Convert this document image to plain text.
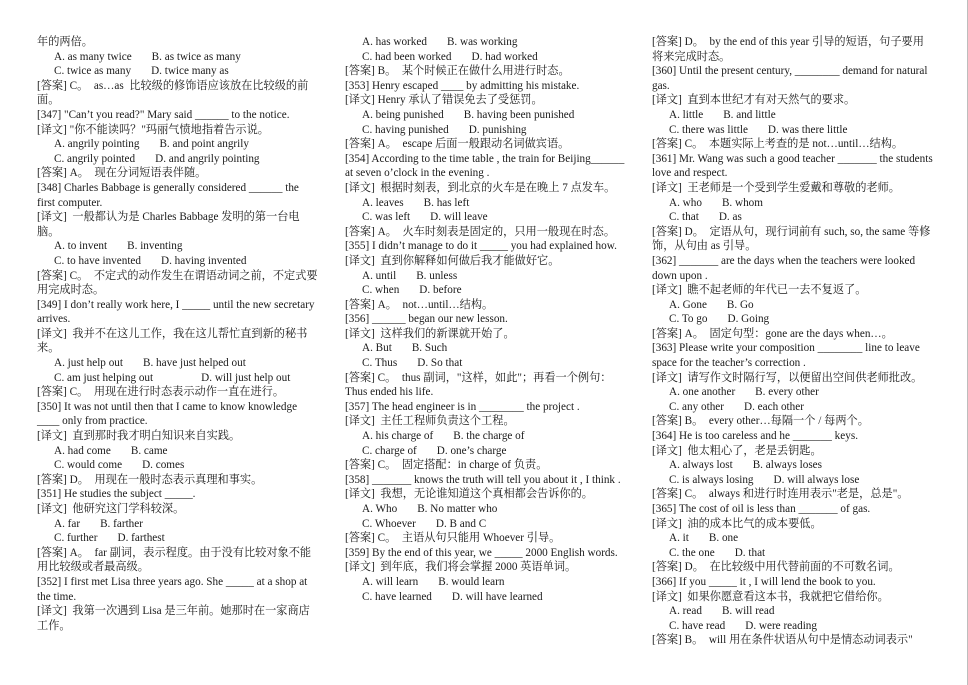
年的两倍。
A. as many twice B. as twice as many
C. twice as many D. twice many as
[答案] C。  as…as  比较级的修饰语应该放在比较级的前面。
[347] "Can’t you read?" Mary said ______ to the notice.
[译文] "你不能读吗？"玛丽气愤地指着告示说。
A. angrily pointing B. and point angrily
C. angrily pointed D. and angrily pointing
[答案] A。  现在分词短语表伴随。
[348] Charles Babbage is generally considered ______ the first computer.
[译文]  一般都认为是 Charles Babbage 发明的第一台电脑。
A. to invent B. inventing
C. to have invented D. having invented
[答案] C。  不定式的动作发生在谓语动词之前，不定式要用完成时态。
[349] I don’t really work here, I _____ until the new secretary arrives.
[译文]  我并不在这儿工作，我在这儿帮忙直到新的秘书来。
A. just help out B. have just helped out
C. am just helping out	D. will just help out
[答案] C。  用现在进行时态表示动作一直在进行。
[350] It was not until then that I came to know knowledge ____ only from practice.
[译文]  直到那时我才明白知识来自实践。
A. had come B. came
C. would come D. comes
[答案] D。  用现在一般时态表示真理和事实。
[351] He studies the subject _____.
[译文]  他研究这门学科较深。
A. far B. farther
C. further D. farthest
[答案] A。  far 副词，表示程度。由于没有比较对象不能用比较级或者最高级。
[352] I first met Lisa three years ago. She _____ at a shop at the time.
[译文]  我第一次遇到 Lisa 是三年前。她那时在一家商店工作。
A. has worked B. was working
C. had been worked D. had worked
[答案] B。  某个时候正在做什么用进行时态。
[353] Henry escaped ____ by admitting his mistake.
[译文] Henry 承认了错误免去了受惩罚。
A. being punished B. having been punished
C. having punished D. punishing
[答案] A。  escape 后面一般跟动名词做宾语。
[354] According to the time table , the train for Beijing______ at seven o’clock in the evening .
[译文]  根据时刻表，到北京的火车是在晚上 7 点发车。
A. leaves B. has left
C. was left D. will leave
[答案] A。  火车时刻表是固定的，只用一般现在时态。
[355] I didn’t manage to do it _____ you had explained how.
[译文]  直到你解释如何做后我才能做好它。
A. until B. unless
C. when D. before
[答案] A。  not…until…结构。
[356] ______ began our new lesson.
[译文]  这样我们的新课就开始了。
A. But B. Such
C. Thus D. So that
[答案] C。  thus 副词，"这样，如此"；再看一个例句：Thus ended his life.
[357] The head engineer is in ________ the project .
[译文]  主任工程师负责这个工程。
A. his charge of B. the charge of
C. charge of D. one’s charge
[答案] C。  固定搭配：in charge of 负责。
[358] _______ knows the truth will tell you about it , I think .
[译文]  我想，无论谁知道这个真相都会告诉你的。
A. Who B. No matter who
C. Whoever D. B and C
[答案] C。  主语从句只能用 Whoever 引导。
[359] By the end of this year, we _____ 2000 English words.
[译文]  到年底，我们将会掌握 2000 英语单词。
A. will learn B. would learn
C. have learned D. will have learned
[答案] D。  by the end of this year 引导的短语，句子要用将来完成时态。
[360] Until the present century, ________ demand for natural gas.
[译文]  直到本世纪才有对天然气的要求。
A. little B. and little
C. there was little D. was there little
[答案] C。  本题实际上考查的是 not…until…结构。
[361] Mr. Wang was such a good teacher _______ the students love and respect.
[译文]  王老师是一个受到学生爱戴和尊敬的老师。
A. who B. whom
C. that D. as
[答案] D。  定语从句，现行词前有 such, so, the same 等修饰，从句由 as 引导。
[362] _______ are the days when the teachers were looked down upon .
[译文]  瞧不起老师的年代已一去不复返了。
A. Gone B. Go
C. To go D. Going
[答案] A。  固定句型：gone are the days when…。
[363] Please write your composition ________ line to leave space for the teacher’s correction .
[译文]  请写作文时隔行写，以便留出空间供老师批改。
A. one another B. every other
C. any other D. each other
[答案] B。  every other…每隔一个 / 每两个。
[364] He is too careless and he _______ keys.
[译文]  他太粗心了，老是丢钥匙。
A. always lost B. always loses
C. is always losing D. will always lose
[答案] C。  always 和进行时连用表示"老是，总是"。
[365] The cost of oil is less than _______ of gas.
[译文]  油的成本比气的成本要低。
A. it B. one
C. the one D. that
[答案] D。  在比较级中用代替前面的不可数名词。
[366] If you _____ it , I will lend the book to you.
[译文]  如果你愿意看这本书，我就把它借给你。
A. read B. will read
C. have read D. were reading
[答案] B。  will 用在条件状语从句中是情态动词表示"
